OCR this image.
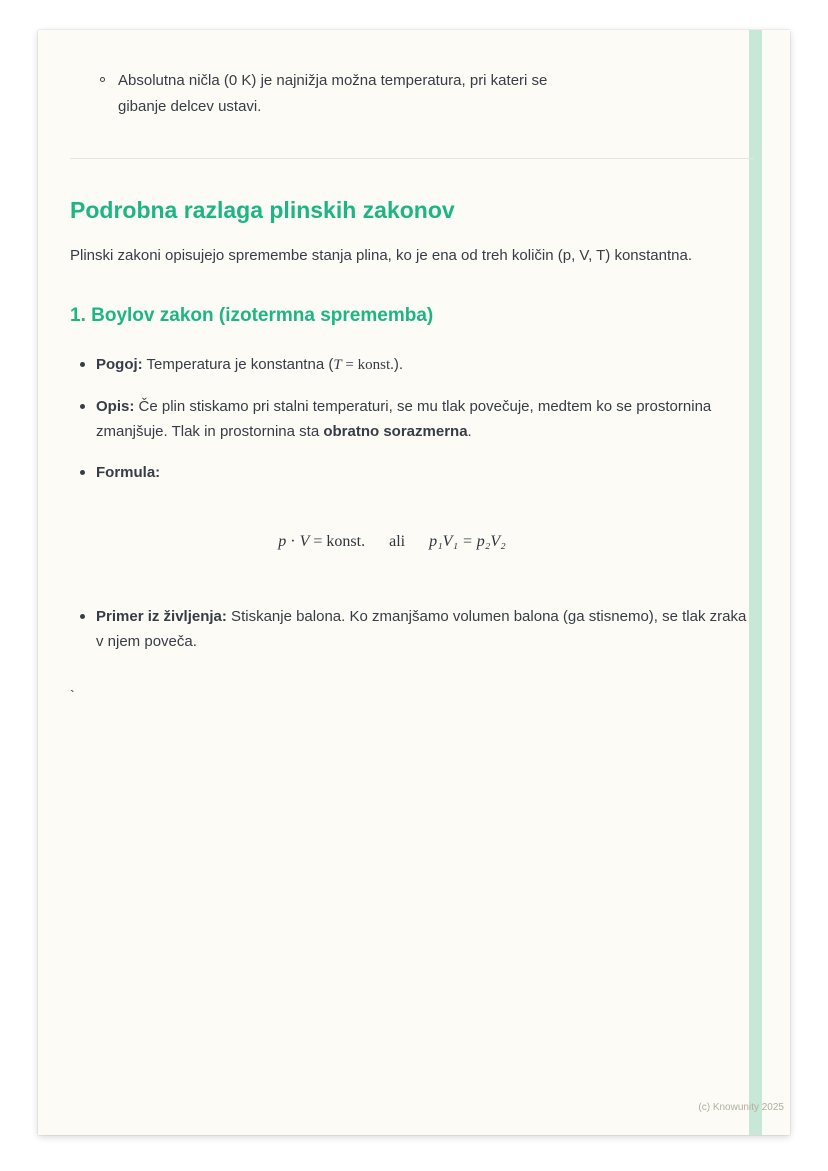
Absolutna ničla (0 K) je najnižja možna temperatura, pri kateri se gibanje delcev ustavi.
Podrobna razlaga plinskih zakonov

Plinski zakoni opisujejo spremembe stanja plina, ko je ena od treh količin (p, V, T) konstantna.

1. Boylov zakon (izotermna sprememba)
Pogoj: Temperatura je konstantna (T = konst.).
Opis: Če plin stiskamo pri stalni temperaturi, se mu tlak povečuje, medtem ko se prostornina zmanjšuje. Tlak in prostornina sta obratno sorazmerna.
Formula:
p · V = konst. ali p₁V₁ = p₂V₂
Primer iz življenja: Stiskanje balona. Ko zmanjšamo volumen balona (ga stisnemo), se tlak zraka v njem poveča.
`
(c) Knowunity 2025
